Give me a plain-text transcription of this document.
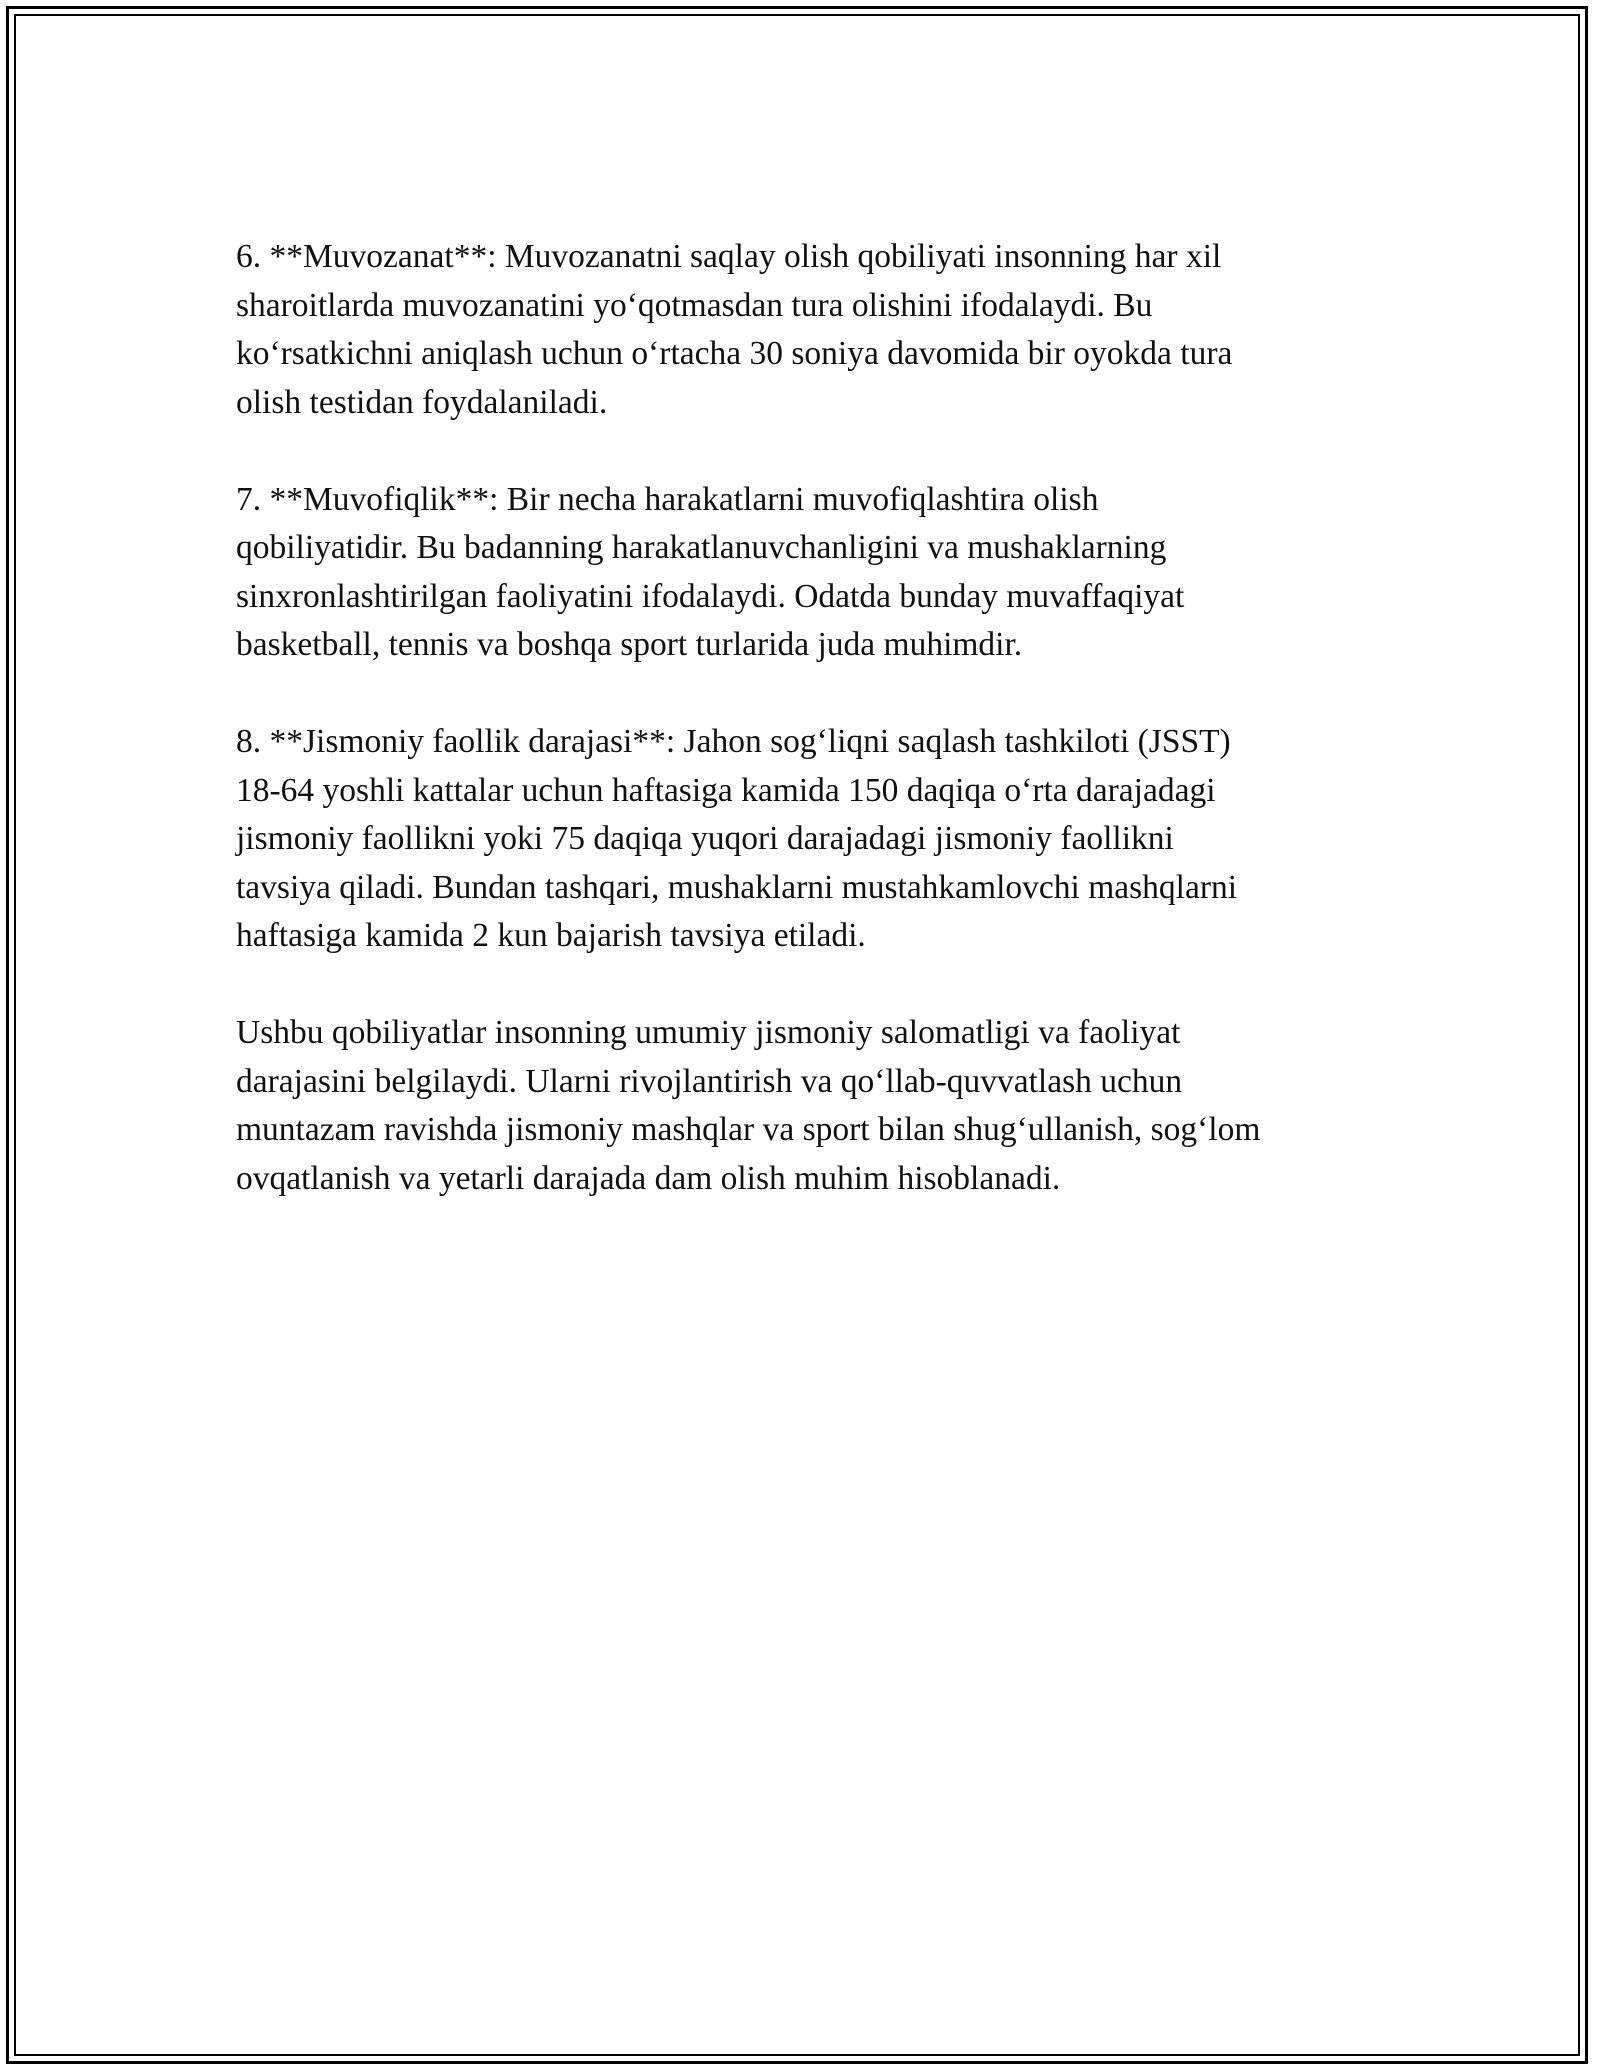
6. **Muvozanat**: Muvozanatni saqlay olish qobiliyati insonning har xil
sharoitlarda muvozanatini yo‘qotmasdan tura olishini ifodalaydi. Bu
ko‘rsatkichni aniqlash uchun o‘rtacha 30 soniya davomida bir oyokda tura
olish testidan foydalaniladi.

7. **Muvofiqlik**: Bir necha harakatlarni muvofiqlashtira olish
qobiliyatidir. Bu badanning harakatlanuvchanligini va mushaklarning
sinxronlashtirilgan faoliyatini ifodalaydi. Odatda bunday muvaffaqiyat
basketball, tennis va boshqa sport turlarida juda muhimdir.

8. **Jismoniy faollik darajasi**: Jahon sog‘liqni saqlash tashkiloti (JSST)
18-64 yoshli kattalar uchun haftasiga kamida 150 daqiqa o‘rta darajadagi
jismoniy faollikni yoki 75 daqiqa yuqori darajadagi jismoniy faollikni
tavsiya qiladi. Bundan tashqari, mushaklarni mustahkamlovchi mashqlarni
haftasiga kamida 2 kun bajarish tavsiya etiladi.

Ushbu qobiliyatlar insonning umumiy jismoniy salomatligi va faoliyat
darajasini belgilaydi. Ularni rivojlantirish va qo‘llab-quvvatlash uchun
muntazam ravishda jismoniy mashqlar va sport bilan shug‘ullanish, sog‘lom
ovqatlanish va yetarli darajada dam olish muhim hisoblanadi.
